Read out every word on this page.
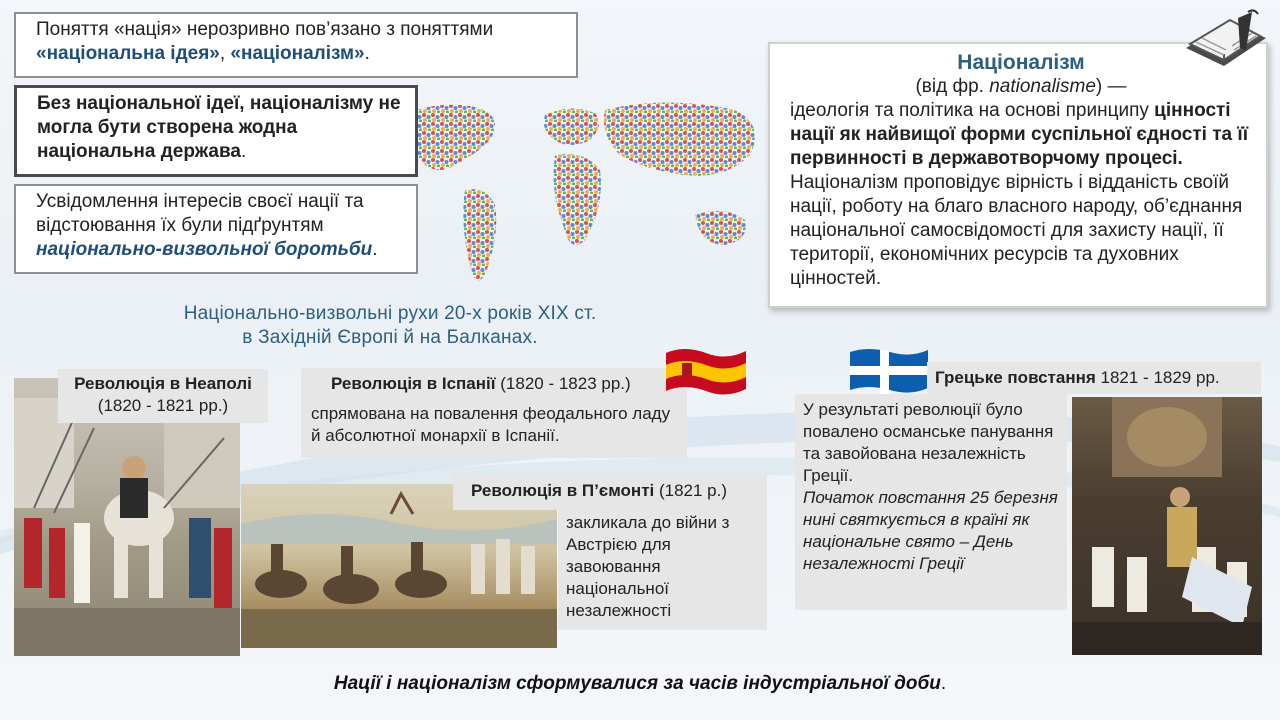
Поняття «нація» нерозривно пов’язано з поняттями
«національна ідея», «націоналізм».
Без національної ідеї, націоналізму не могла бути створена жодна національна держава.
Усвідомлення інтересів своєї нації та відстоювання їх були підґрунтям національно-визвольної боротьби.
Націоналізм
(від фр. nationalisme) —
ідеологія та політика на основі принципу цінності нації як найвищої форми суспільної єдності та її первинності в державотворчому процесі. Націоналізм проповідує вірність і відданість своїй нації, роботу на благо власного народу, об’єднання національної самосвідомості для захисту нації, її території, економічних ресурсів та духовних цінностей.
Національно-визвольні рухи 20-х років ХІХ ст.
в Західній Європі й на Балканах.
Революція в Неаполі
(1820 - 1821 рр.)
Революція в Іспанії (1820 - 1823 рр.)
спрямована на повалення феодального ладу й абсолютної монархії в Іспанії.
Революція в П’ємонті (1821 р.)
закликала до війни з Австрією для завоювання національної незалежності
Грецьке повстання 1821 - 1829 рр.
У результаті революції було повалено османське панування та завойована незалежність Греції.
Початок повстання 25 березня нині святкується в країні як національне свято – День незалежності Греції
Нації і націоналізм сформувалися за часів індустріальної доби.
